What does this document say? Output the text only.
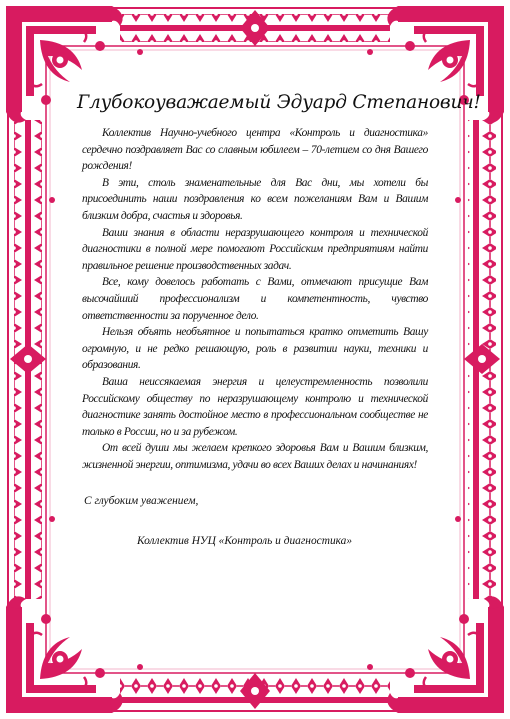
Глубокоуважаемый Эдуард Степанович!

Коллектив Научно-учебного центра «Контроль и диагностика» сердечно поздравляет Вас со славным юбилеем – 70-летием со дня Вашего рождения!

В эти, столь знаменательные для Вас дни, мы хотели бы присоединить наши поздравления ко всем пожеланиям Вам и Вашим близким добра, счастья и здоровья.

Ваши знания в области неразрушающего контроля и технической диагностики в полной мере помогают Российским предприятиям найти правильное решение производственных задач.

Все, кому довелось работать с Вами, отмечают присущие Вам высочайший профессионализм и компетентность, чувство ответственности за порученное дело.

Нельзя объять необъятное и попытаться кратко отметить Вашу огромную, и не редко решающую, роль в развитии науки, техники и образования.

Ваша неиссякаемая энергия и целеустремленность позволили Российскому обществу по неразрушающему контролю и технической диагностике занять достойное место в профессиональном сообществе не только в России, но и за рубежом.

От всей души мы желаем крепкого здоровья Вам и Вашим близким, жизненной энергии, оптимизма, удачи во всех Ваших делах и начинаниях!

С глубоким уважением,

Коллектив НУЦ «Контроль и диагностика»
